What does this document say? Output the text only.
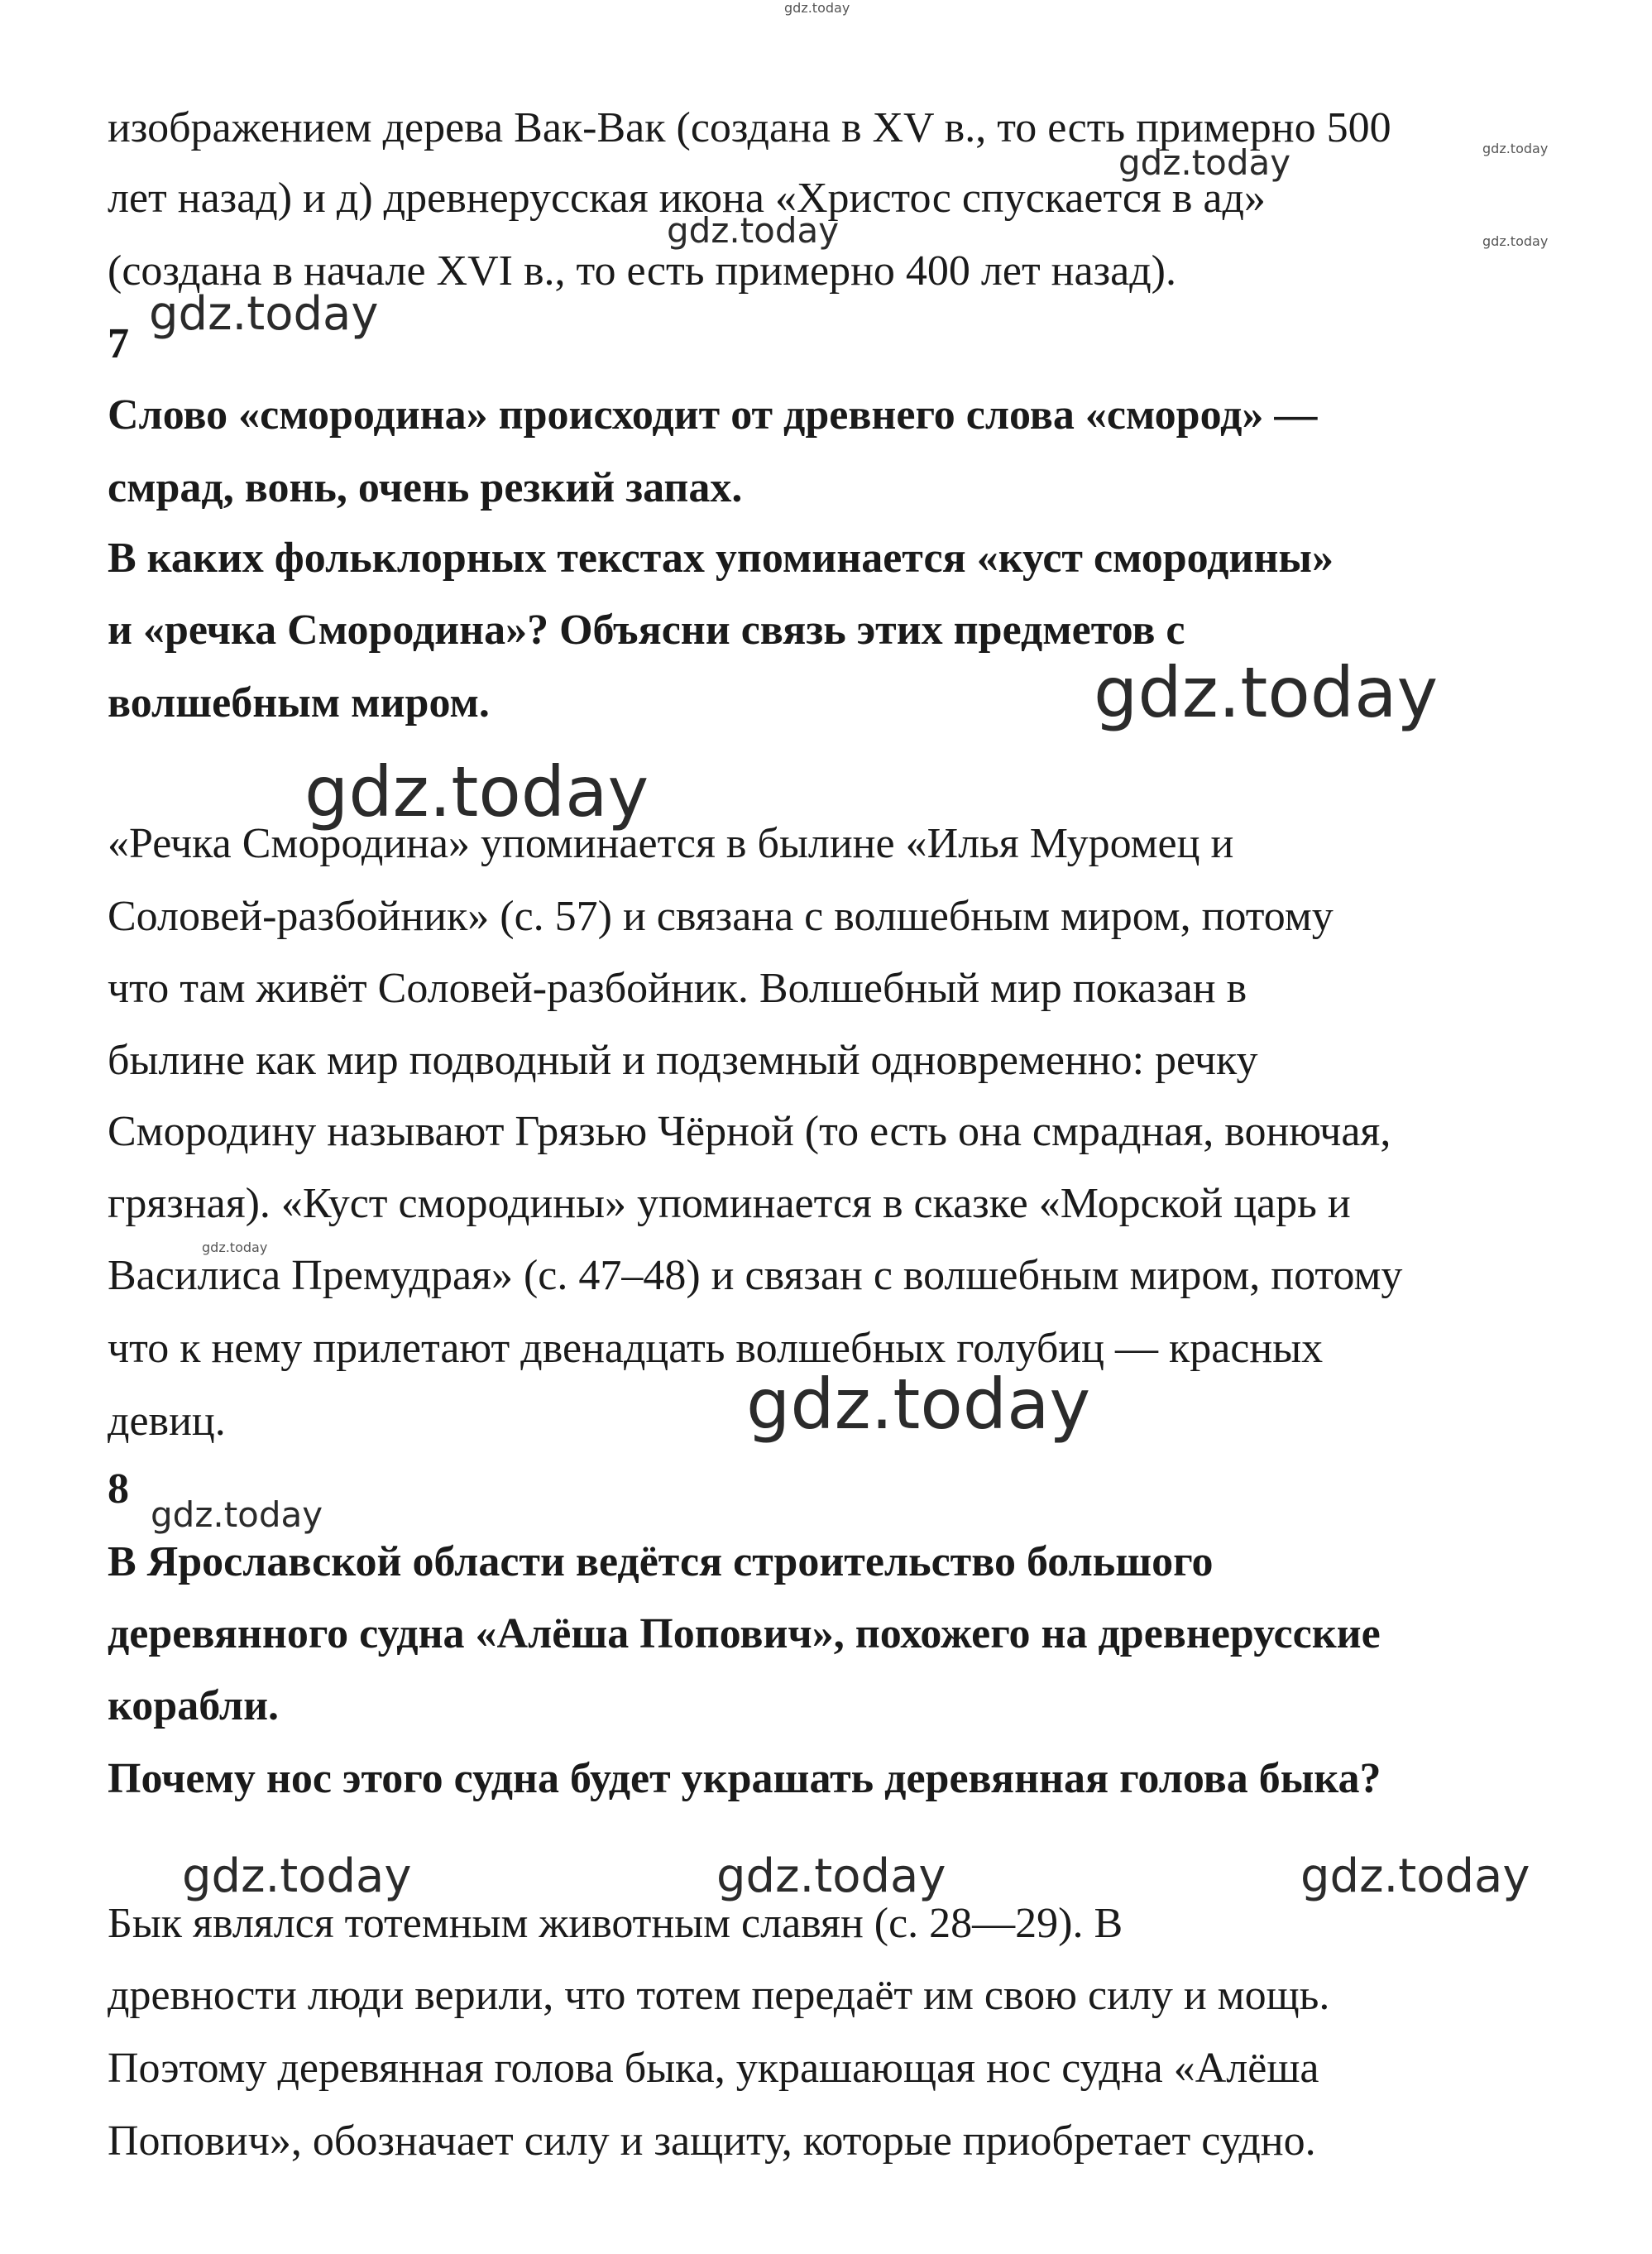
gdz.today
gdz.today	gdz.today
gdz.today	gdz.today
gdz.today
gdz.today
gdz.today
gdz.today
gdz.today
gdz.today
gdz.today	gdz.today	gdz.today
изображением дерева Вак-Вак (создана в XV в., то есть примерно 500
лет назад) и д) древнерусская икона «Христос спускается в ад»
(создана в начале XVI в., то есть примерно 400 лет назад).
7
Слово «смородина» происходит от древнего слова «смород» —
смрад, вонь, очень резкий запах.
В каких фольклорных текстах упоминается «куст смородины»
и «речка Смородина»? Объясни связь этих предметов с
волшебным миром.
«Речка Смородина» упоминается в былине «Илья Муромец и
Соловей-разбойник» (с. 57) и связана с волшебным миром, потому
что там живёт Соловей-разбойник. Волшебный мир показан в
былине как мир подводный и подземный одновременно: речку
Смородину называют Грязью Чёрной (то есть она смрадная, вонючая,
грязная). «Куст смородины» упоминается в сказке «Морской царь и
Василиса Премудрая» (с. 47–48) и связан с волшебным миром, потому
что к нему прилетают двенадцать волшебных голубиц — красных
девиц.
8
В Ярославской области ведётся строительство большого
деревянного судна «Алёша Попович», похожего на древнерусские
корабли.
Почему нос этого судна будет украшать деревянная голова быка?
Бык являлся тотемным животным славян (с. 28—29). В
древности люди верили, что тотем передаёт им свою силу и мощь.
Поэтому деревянная голова быка, украшающая нос судна «Алёша
Попович», обозначает силу и защиту, которые приобретает судно.
